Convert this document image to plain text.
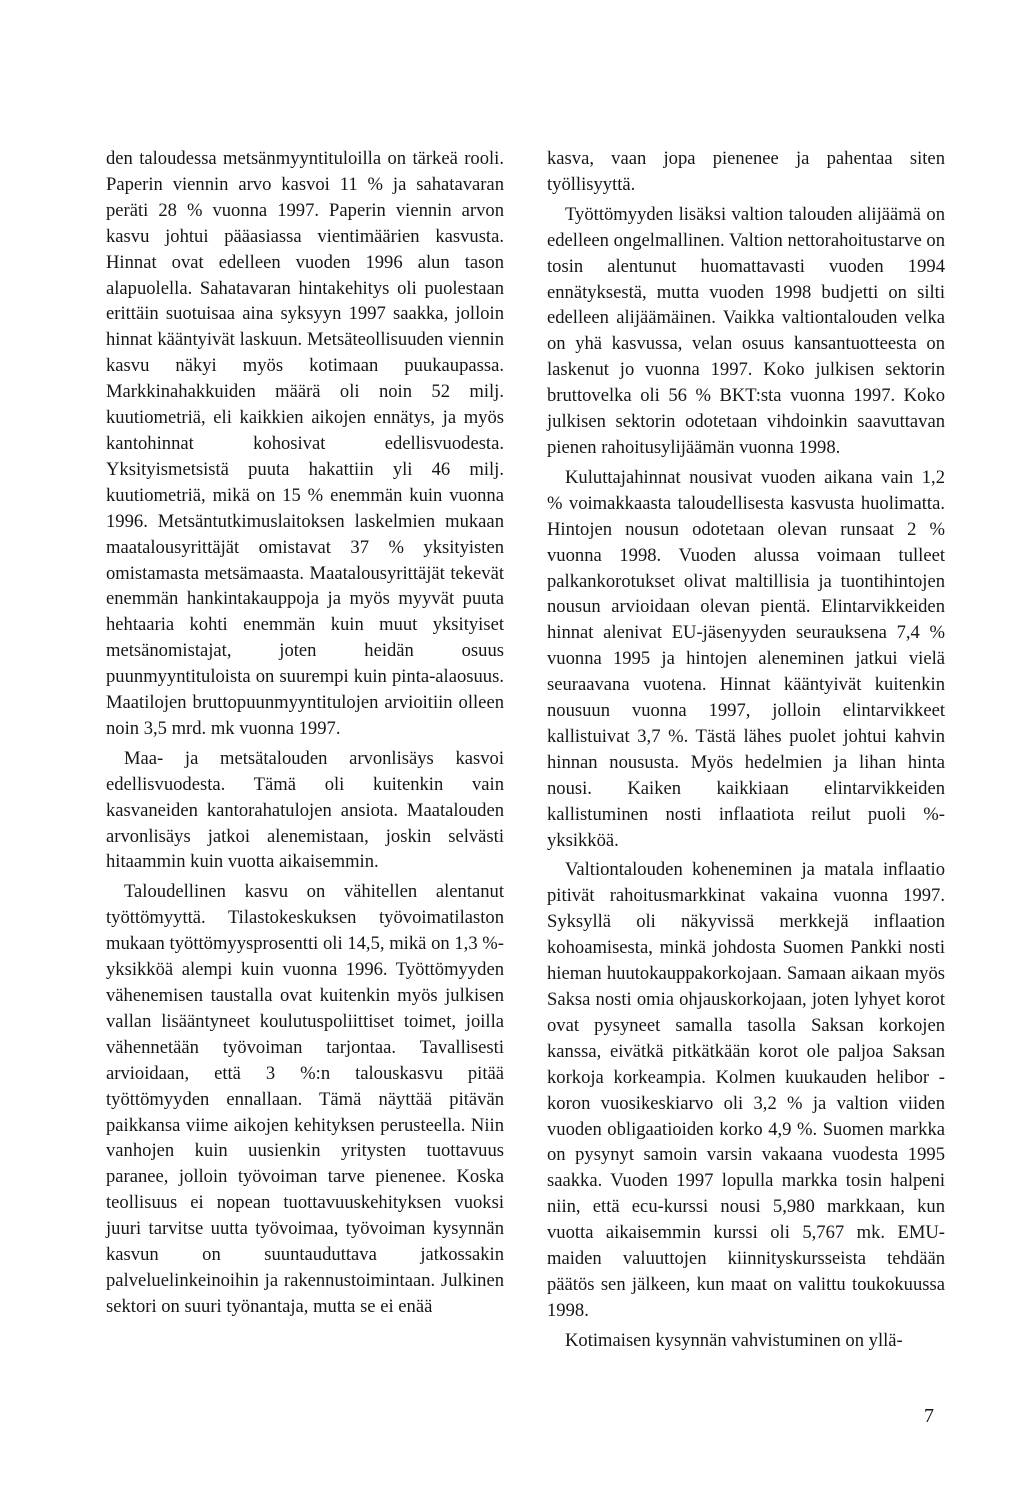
den taloudessa metsänmyyntituloilla on tärkeä rooli. Paperin viennin arvo kasvoi 11 % ja sahatavaran peräti 28 % vuonna 1997. Paperin viennin arvon kasvu johtui pääasiassa vientimäärien kasvusta. Hinnat ovat edelleen vuoden 1996 alun tason alapuolella. Sahatavaran hintakehitys oli puolestaan erittäin suotuisaa aina syksyyn 1997 saakka, jolloin hinnat kääntyivät laskuun. Metsäteollisuuden viennin kasvu näkyi myös kotimaan puukaupassa. Markkinahakkuiden määrä oli noin 52 milj. kuutiometriä, eli kaikkien aikojen ennätys, ja myös kantohinnat kohosivat edellisvuodesta. Yksityismetsistä puuta hakattiin yli 46 milj. kuutiometriä, mikä on 15 % enemmän kuin vuonna 1996. Metsäntutkimuslaitoksen laskelmien mukaan maatalousyrittäjät omistavat 37 % yksityisten omistamasta metsämaasta. Maatalousyrittäjät tekevät enemmän hankintakauppoja ja myös myyvät puuta hehtaaria kohti enemmän kuin muut yksityiset metsänomistajat, joten heidän osuus puunmyyntituloista on suurempi kuin pinta-alaosuus. Maatilojen bruttopuunmyyntitulojen arvioitiin olleen noin 3,5 mrd. mk vuonna 1997.

Maa- ja metsätalouden arvonlisäys kasvoi edellisvuodesta. Tämä oli kuitenkin vain kasvaneiden kantorahatulojen ansiota. Maatalouden arvonlisäys jatkoi alenemistaan, joskin selvästi hitaammin kuin vuotta aikaisemmin.

Taloudellinen kasvu on vähitellen alentanut työttömyyttä. Tilastokeskuksen työvoimatilaston mukaan työttömyysprosentti oli 14,5, mikä on 1,3 %-yksikköä alempi kuin vuonna 1996. Työttömyyden vähenemisen taustalla ovat kuitenkin myös julkisen vallan lisääntyneet koulutuspoliittiset toimet, joilla vähennetään työvoiman tarjontaa. Tavallisesti arvioidaan, että 3 %:n talouskasvu pitää työttömyyden ennallaan. Tämä näyttää pitävän paikkansa viime aikojen kehityksen perusteella. Niin vanhojen kuin uusienkin yritysten tuottavuus paranee, jolloin työvoiman tarve pienenee. Koska teollisuus ei nopean tuottavuuskehityksen vuoksi juuri tarvitse uutta työvoimaa, työvoiman kysynnän kasvun on suuntauduttava jatkossakin palveluelinkeinoihin ja rakennustoimintaan. Julkinen sektori on suuri työnantaja, mutta se ei enää

kasva, vaan jopa pienenee ja pahentaa siten työllisyyttä.

Työttömyyden lisäksi valtion talouden alijäämä on edelleen ongelmallinen. Valtion nettorahoitustarve on tosin alentunut huomattavasti vuoden 1994 ennätyksestä, mutta vuoden 1998 budjetti on silti edelleen alijäämäinen. Vaikka valtiontalouden velka on yhä kasvussa, velan osuus kansantuotteesta on laskenut jo vuonna 1997. Koko julkisen sektorin bruttovelka oli 56 % BKT:sta vuonna 1997. Koko julkisen sektorin odotetaan vihdoinkin saavuttavan pienen rahoitusylijäämän vuonna 1998.

Kuluttajahinnat nousivat vuoden aikana vain 1,2 % voimakkaasta taloudellisesta kasvusta huolimatta. Hintojen nousun odotetaan olevan runsaat 2 % vuonna 1998. Vuoden alussa voimaan tulleet palkankorotukset olivat maltillisia ja tuontihintojen nousun arvioidaan olevan pientä. Elintarvikkeiden hinnat alenivat EU-jäsenyyden seurauksena 7,4 % vuonna 1995 ja hintojen aleneminen jatkui vielä seuraavana vuotena. Hinnat kääntyivät kuitenkin nousuun vuonna 1997, jolloin elintarvikkeet kallistuivat 3,7 %. Tästä lähes puolet johtui kahvin hinnan noususta. Myös hedelmien ja lihan hinta nousi. Kaiken kaikkiaan elintarvikkeiden kallistuminen nosti inflaatiota reilut puoli %-yksikköä.

Valtiontalouden koheneminen ja matala inflaatio pitivät rahoitusmarkkinat vakaina vuonna 1997. Syksyllä oli näkyvissä merkkejä inflaation kohoamisesta, minkä johdosta Suomen Pankki nosti hieman huutokauppakorkojaan. Samaan aikaan myös Saksa nosti omia ohjauskorkojaan, joten lyhyet korot ovat pysyneet samalla tasolla Saksan korkojen kanssa, eivätkä pitkätkään korot ole paljoa Saksan korkoja korkeampia. Kolmen kuukauden helibor -koron vuosikeskiarvo oli 3,2 % ja valtion viiden vuoden obligaatioiden korko 4,9 %. Suomen markka on pysynyt samoin varsin vakaana vuodesta 1995 saakka. Vuoden 1997 lopulla markka tosin halpeni niin, että ecu-kurssi nousi 5,980 markkaan, kun vuotta aikaisemmin kurssi oli 5,767 mk. EMU-maiden valuuttojen kiinnityskursseista tehdään päätös sen jälkeen, kun maat on valittu toukokuussa 1998.

Kotimaisen kysynnän vahvistuminen on yllä-

7
